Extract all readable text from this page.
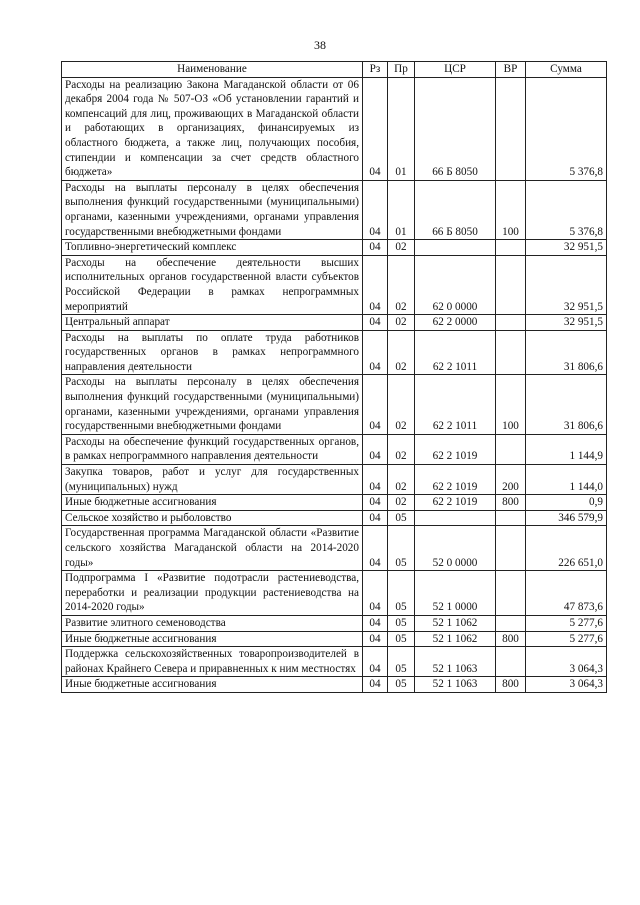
38
Наименование	Рз	Пр	ЦСР	ВР	Сумма
Расходы на реализацию Закона Магаданской области от 06 декабря 2004 года № 507-ОЗ «Об установлении гарантий и компенсаций для лиц, проживающих в Магаданской области и работающих в организациях, финансируемых из областного бюджета, а также лиц, получающих пособия, стипендии и компенсации за счет средств областного бюджета»	04	01	66 Б 8050		5 376,8
Расходы на выплаты персоналу в целях обеспечения выполнения функций государственными (муниципальными) органами, казенными учреждениями, органами управления государственными внебюджетными фондами	04	01	66 Б 8050	100	5 376,8
Топливно-энергетический комплекс	04	02			32 951,5
Расходы на обеспечение деятельности высших исполнительных органов государственной власти субъектов Российской Федерации в рамках непрограммных мероприятий	04	02	62 0 0000		32 951,5
Центральный аппарат	04	02	62 2 0000		32 951,5
Расходы на выплаты по оплате труда работников государственных органов в рамках непрограммного направления деятельности	04	02	62 2 1011		31 806,6
Расходы на выплаты персоналу в целях обеспечения выполнения функций государственными (муниципальными) органами, казенными учреждениями, органами управления государственными внебюджетными фондами	04	02	62 2 1011	100	31 806,6
Расходы на обеспечение функций государственных органов, в рамках непрограммного направления деятельности	04	02	62 2 1019		1 144,9
Закупка товаров, работ и услуг для государственных (муниципальных) нужд	04	02	62 2 1019	200	1 144,0
Иные бюджетные ассигнования	04	02	62 2 1019	800	0,9
Сельское хозяйство и рыболовство	04	05			346 579,9
Государственная программа Магаданской области «Развитие сельского хозяйства Магаданской области на 2014-2020 годы»	04	05	52 0 0000		226 651,0
Подпрограмма I «Развитие подотрасли растениеводства, переработки и реализации продукции растениеводства на 2014-2020 годы»	04	05	52 1 0000		47 873,6
Развитие элитного семеноводства	04	05	52 1 1062		5 277,6
Иные бюджетные ассигнования	04	05	52 1 1062	800	5 277,6
Поддержка сельскохозяйственных товаропроизводителей в районах Крайнего Севера и приравненных к ним местностях	04	05	52 1 1063		3 064,3
Иные бюджетные ассигнования	04	05	52 1 1063	800	3 064,3
